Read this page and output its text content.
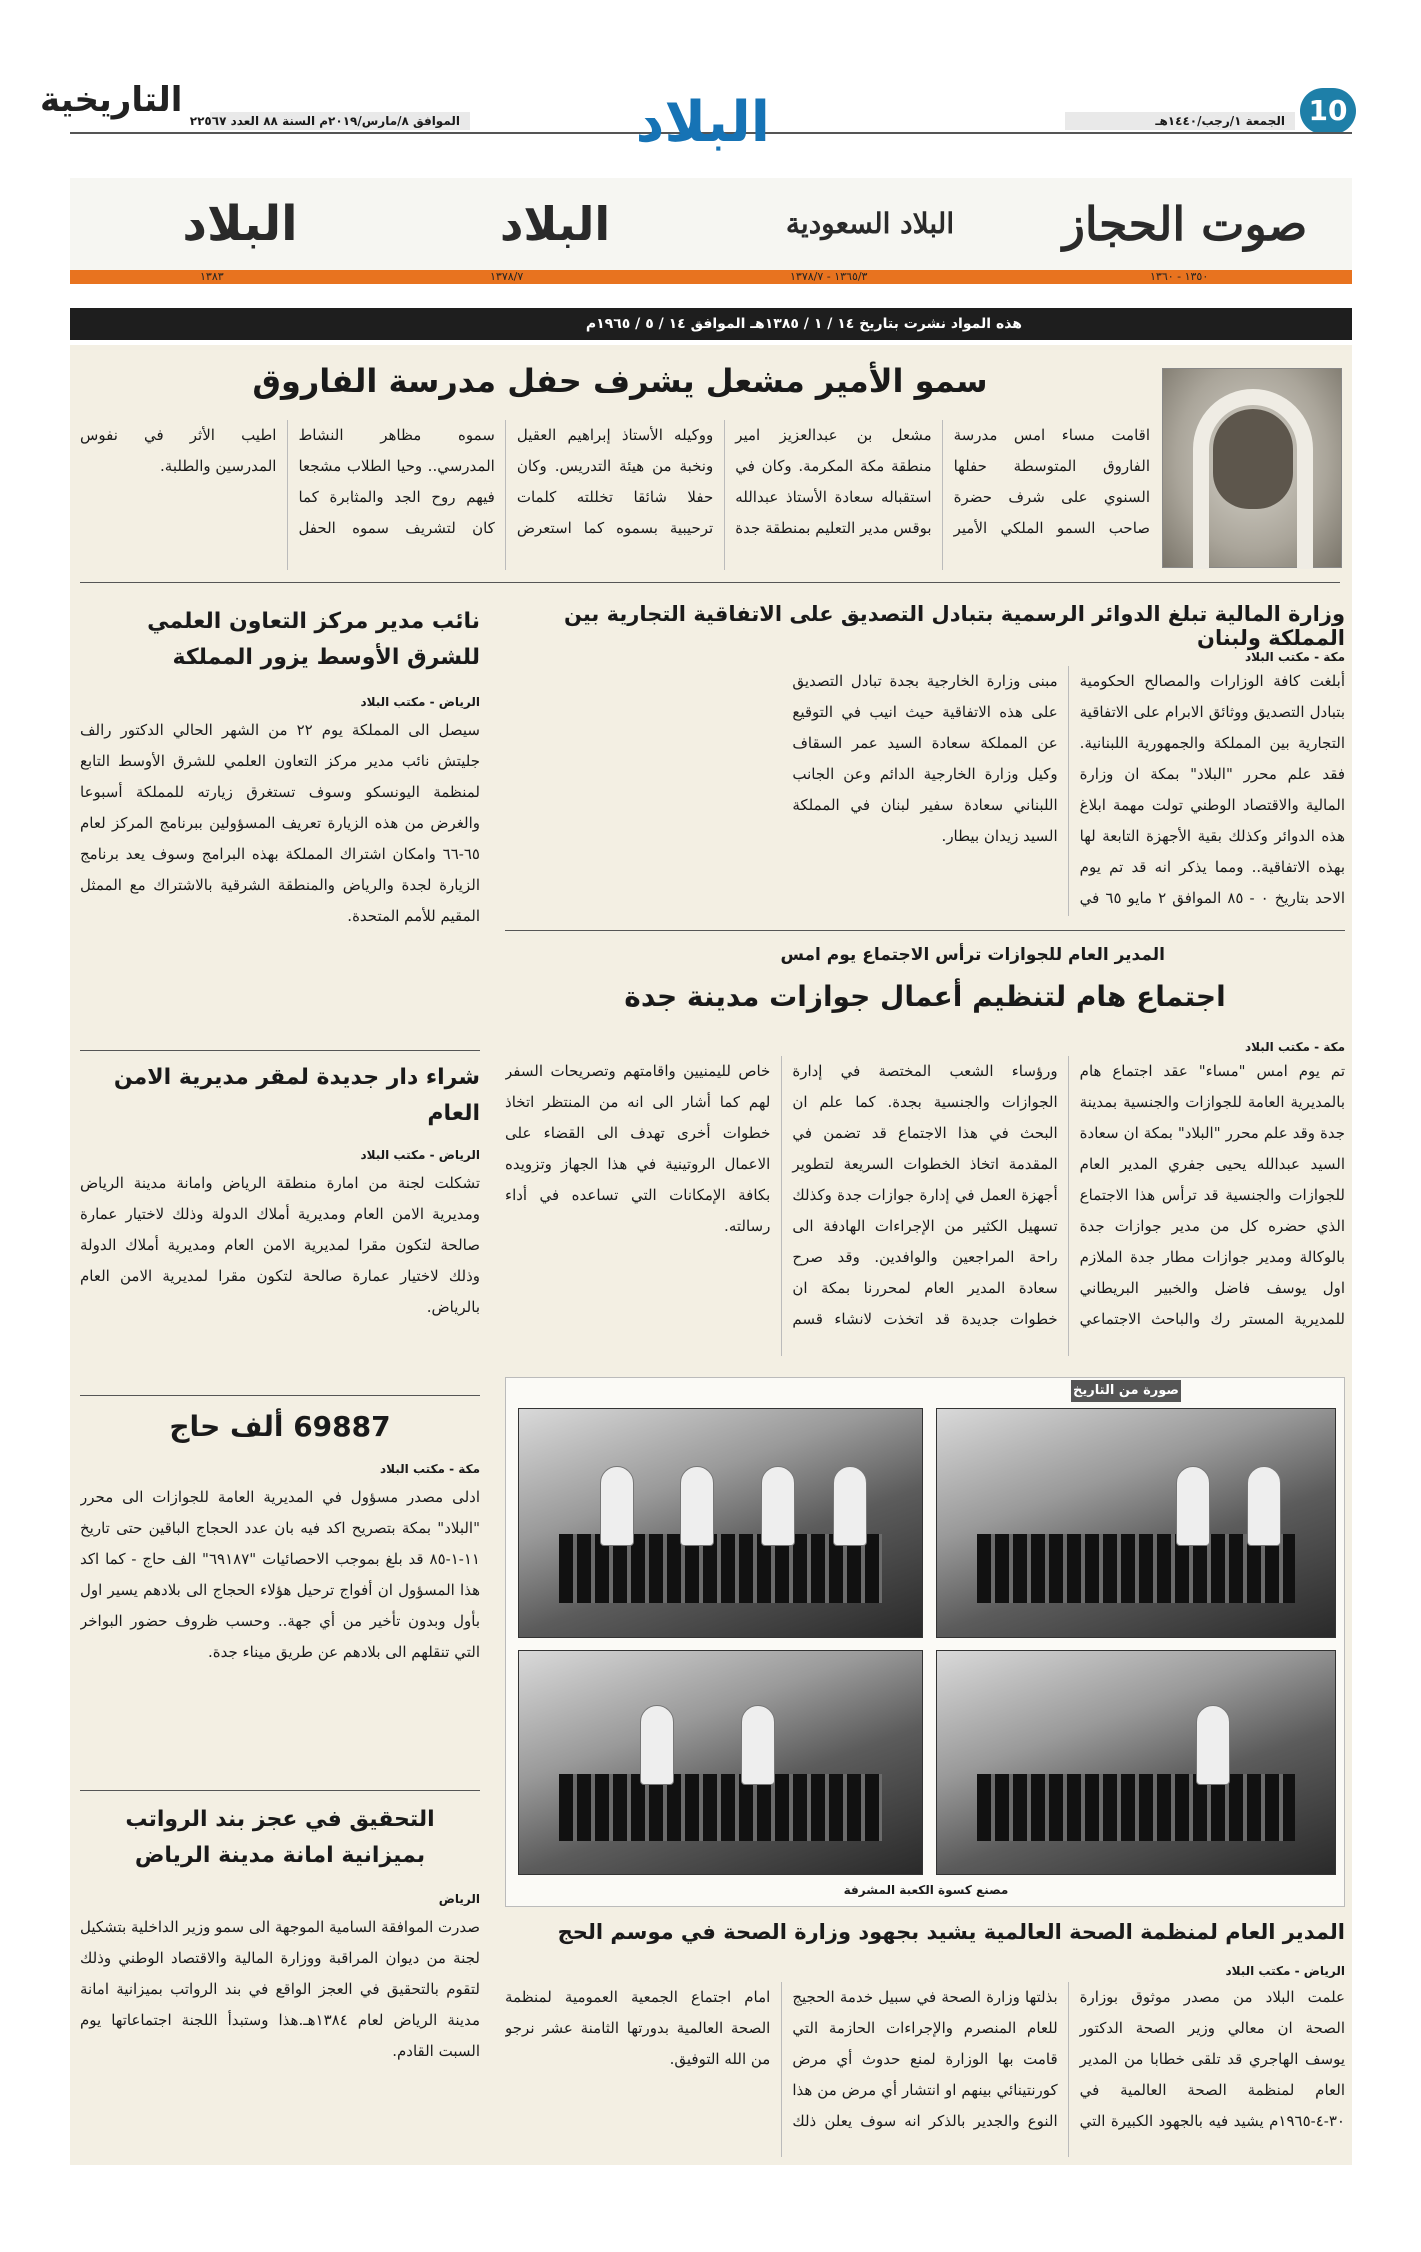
10
الجمعة ١/رجب/١٤٤٠هـ
البلاد
الموافق ٨/مارس/٢٠١٩م السنة ٨٨ العدد ٢٢٥٦٧
التاريخية
صوت الحجاز
البلاد السعودية
البلاد
البلاد
١٣٥٠ - ١٣٦٠
١٣٦٥/٣ - ١٣٧٨/٧
١٣٧٨/٧
١٣٨٣
هذه المواد نشرت بتاريخ ١٤ / ١ / ١٣٨٥هـ الموافق ١٤ / ٥ / ١٩٦٥م
سمو الأمير مشعل يشرف حفل مدرسة الفاروق
اقامت مساء امس مدرسة الفاروق المتوسطة حفلها السنوي على شرف حضرة صاحب السمو الملكي الأمير مشعل بن عبدالعزيز امير منطقة مكة المكرمة. وكان في استقباله سعادة الأستاذ عبدالله بوقس مدير التعليم بمنطقة جدة ووكيله الأستاذ إبراهيم العقيل ونخبة من هيئة التدريس. وكان حفلا شائقا تخللته كلمات ترحيبية بسموه كما استعرض سموه مظاهر النشاط المدرسي.. وحيا الطلاب مشجعا فيهم روح الجد والمثابرة كما كان لتشريف سموه الحفل اطيب الأثر في نفوس المدرسين والطلبة.
وزارة المالية تبلغ الدوائر الرسمية بتبادل التصديق على الاتفاقية التجارية بين المملكة ولبنان
مكة - مكتب البلاد
أبلغت كافة الوزارات والمصالح الحكومية بتبادل التصديق ووثائق الابرام على الاتفاقية التجارية بين المملكة والجمهورية اللبنانية. فقد علم محرر "البلاد" بمكة ان وزارة المالية والاقتصاد الوطني تولت مهمة ابلاغ هذه الدوائر وكذلك بقية الأجهزة التابعة لها بهذه الاتفاقية.. ومما يذكر انه قد تم يوم الاحد بتاريخ ٠ - ٨٥ الموافق ٢ مايو ٦٥ في مبنى وزارة الخارجية بجدة تبادل التصديق على هذه الاتفاقية حيث انيب في التوقيع عن المملكة سعادة السيد عمر السقاف وكيل وزارة الخارجية الدائم وعن الجانب اللبناني سعادة سفير لبنان في المملكة السيد زيدان بيطار.
نائب مدير مركز التعاون العلمي للشرق الأوسط يزور المملكة
الرياض - مكتب البلاد
سيصل الى المملكة يوم ٢٢ من الشهر الحالي الدكتور رالف جليتش نائب مدير مركز التعاون العلمي للشرق الأوسط التابع لمنظمة اليونسكو وسوف تستغرق زيارته للمملكة أسبوعا والغرض من هذه الزيارة تعريف المسؤولين ببرنامج المركز لعام ٦٥-٦٦ وامكان اشتراك المملكة بهذه البرامج وسوف يعد برنامج الزيارة لجدة والرياض والمنطقة الشرقية بالاشتراك مع الممثل المقيم للأمم المتحدة.
المدير العام للجوازات ترأس الاجتماع يوم امس
اجتماع هام لتنظيم أعمال جوازات مدينة جدة
مكة - مكتب البلاد
تم يوم امس "مساء" عقد اجتماع هام بالمديرية العامة للجوازات والجنسية بمدينة جدة وقد علم محرر "البلاد" بمكة ان سعادة السيد عبدالله يحيى جفري المدير العام للجوازات والجنسية قد ترأس هذا الاجتماع الذي حضره كل من مدير جوازات جدة بالوكالة ومدير جوازات مطار جدة الملازم اول يوسف فاضل والخبير البريطاني للمديرية المستر رك والباحث الاجتماعي ورؤساء الشعب المختصة في إدارة الجوازات والجنسية بجدة. كما علم ان البحث في هذا الاجتماع قد تضمن في المقدمة اتخاذ الخطوات السريعة لتطوير أجهزة العمل في إدارة جوازات جدة وكذلك تسهيل الكثير من الإجراءات الهادفة الى راحة المراجعين والوافدين. وقد صرح سعادة المدير العام لمحررنا بمكة ان خطوات جديدة قد اتخذت لانشاء قسم خاص لليمنيين واقامتهم وتصريحات السفر لهم كما أشار الى انه من المنتظر اتخاذ خطوات أخرى تهدف الى القضاء على الاعمال الروتينية في هذا الجهاز وتزويده بكافة الإمكانات التي تساعده في أداء رسالته.
شراء دار جديدة لمقر مديرية الامن العام
الرياض - مكتب البلاد
تشكلت لجنة من امارة منطقة الرياض وامانة مدينة الرياض ومديرية الامن العام ومديرية أملاك الدولة وذلك لاختيار عمارة صالحة لتكون مقرا لمديرية الامن العام ومديرية أملاك الدولة وذلك لاختيار عمارة صالحة لتكون مقرا لمديرية الامن العام بالرياض.
69887 ألف حاج
مكة - مكتب البلاد
ادلى مصدر مسؤول في المديرية العامة للجوازات الى محرر "البلاد" بمكة بتصريح اكد فيه بان عدد الحجاج الباقين حتى تاريخ ١١-١-٨٥ قد بلغ بموجب الاحصائيات "٦٩١٨٧" الف حاج - كما اكد هذا المسؤول ان أفواج ترحيل هؤلاء الحجاج الى بلادهم يسير اول بأول وبدون تأخير من أي جهة.. وحسب ظروف حضور البواخر التي تنقلهم الى بلادهم عن طريق ميناء جدة.
التحقيق في عجز بند الرواتب بميزانية امانة مدينة الرياض
الرياض
صدرت الموافقة السامية الموجهة الى سمو وزير الداخلية بتشكيل لجنة من ديوان المراقبة ووزارة المالية والاقتصاد الوطني وذلك لتقوم بالتحقيق في العجز الواقع في بند الرواتب بميزانية امانة مدينة الرياض لعام ١٣٨٤هـ.هذا وستبدأ اللجنة اجتماعاتها يوم السبت القادم.
صورة من التاريخ
مصنع كسوة الكعبة المشرفة
المدير العام لمنظمة الصحة العالمية يشيد بجهود وزارة الصحة في موسم الحج
الرياض - مكتب البلاد
علمت البلاد من مصدر موثوق بوزارة الصحة ان معالي وزير الصحة الدكتور يوسف الهاجري قد تلقى خطابا من المدير العام لمنظمة الصحة العالمية في ٣٠-٤-١٩٦٥م يشيد فيه بالجهود الكبيرة التي بذلتها وزارة الصحة في سبيل خدمة الحجيج للعام المنصرم والإجراءات الحازمة التي قامت بها الوزارة لمنع حدوث أي مرض كورنتينائي بينهم او انتشار أي مرض من هذا النوع والجدير بالذكر انه سوف يعلن ذلك امام اجتماع الجمعية العمومية لمنظمة الصحة العالمية بدورتها الثامنة عشر نرجو من الله التوفيق.
